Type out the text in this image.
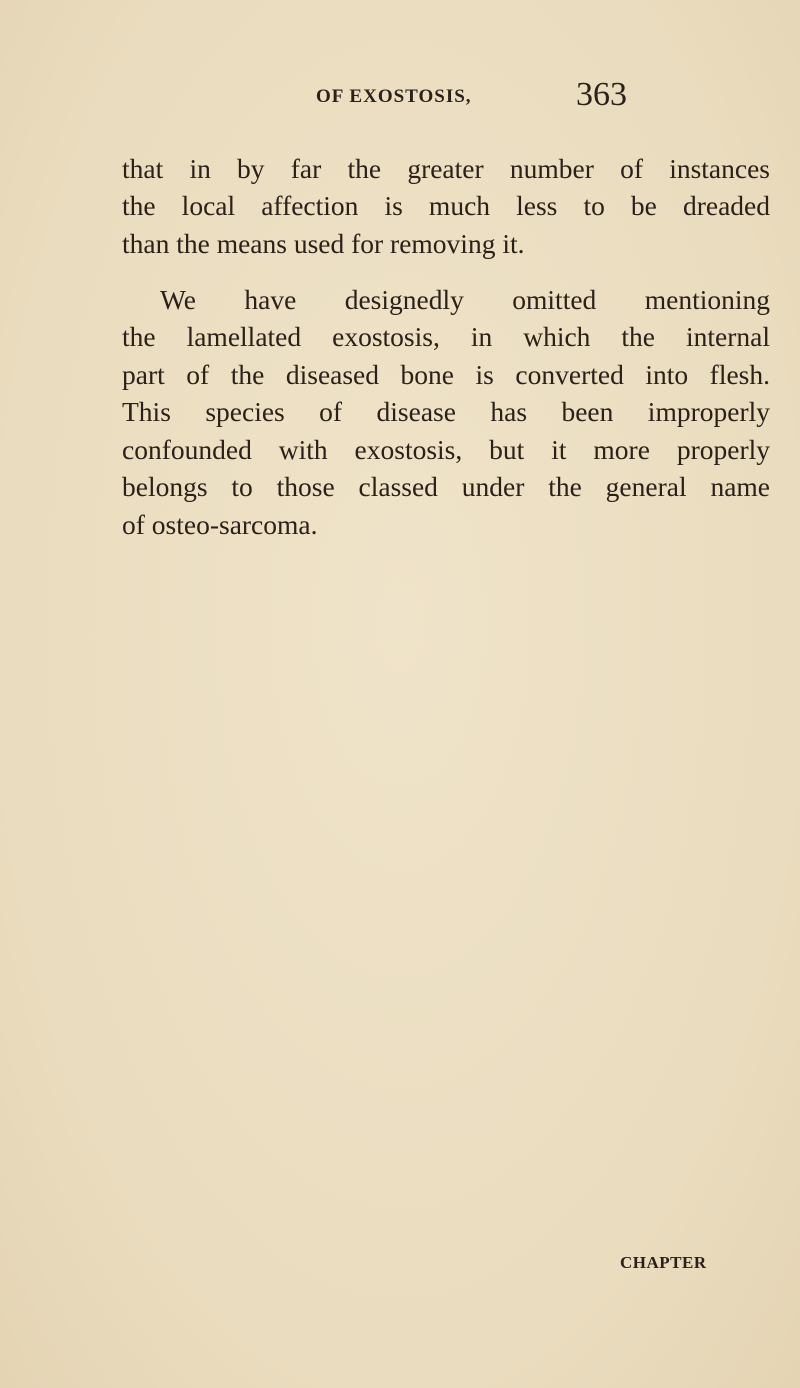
OF EXOSTOSIS,	363
that in by far the greater number of instances
the local affection is much less to be dreaded
than the means used for removing it.
We have designedly omitted mentioning
the lamellated exostosis, in which the internal
part of the diseased bone is converted into flesh.
This species of disease has been improperly
confounded with exostosis, but it more properly
belongs to those classed under the general name
of osteo-sarcoma.
CHAPTER
